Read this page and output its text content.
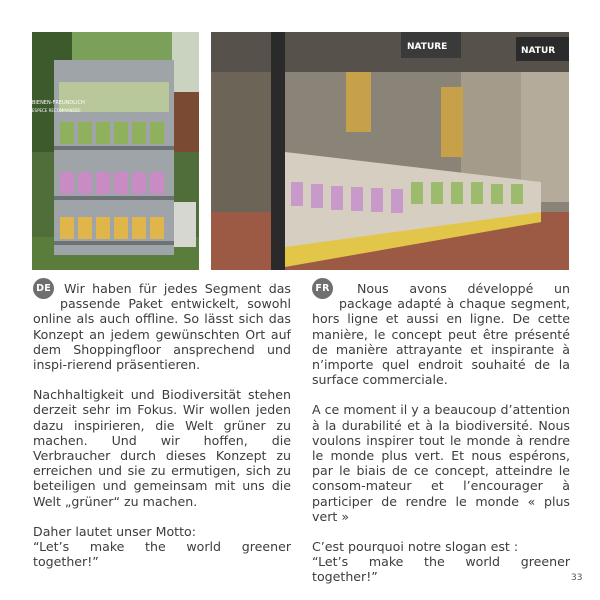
BIENEN-FREUNDLICH
ESPECE RECOMMANDEE
NATURE	NATUR

DE Wir haben für jedes Segment das passende Paket entwickelt, sowohl online als auch offline. So lässt sich das Konzept an jedem gewünschten Ort auf dem Shoppingfloor ansprechend und inspi-rierend präsentieren.

Nachhaltigkeit und Biodiversität stehen derzeit sehr im Fokus. Wir wollen jeden dazu inspirieren, die Welt grüner zu machen. Und wir hoffen, die Verbraucher durch dieses Konzept zu erreichen und sie zu ermutigen, sich zu beteiligen und gemeinsam mit uns die Welt „grüner“ zu machen.

Daher lautet unser Motto:

“Let’s make the world greener together!”

FR Nous avons développé un package adapté à chaque segment, hors ligne et aussi en ligne. De cette manière, le concept peut être présenté de manière attrayante et inspirante à n’importe quel endroit souhaité de la surface commerciale.

A ce moment il y a beaucoup d’attention à la durabilité et à la biodiversité. Nous voulons inspirer tout le monde à rendre le monde plus vert. Et nous espérons, par le biais de ce concept, atteindre le consom-mateur et l’encourager à participer de rendre le monde « plus vert »

C’est pourquoi notre slogan est :

“Let’s make the world greener together!”	33
